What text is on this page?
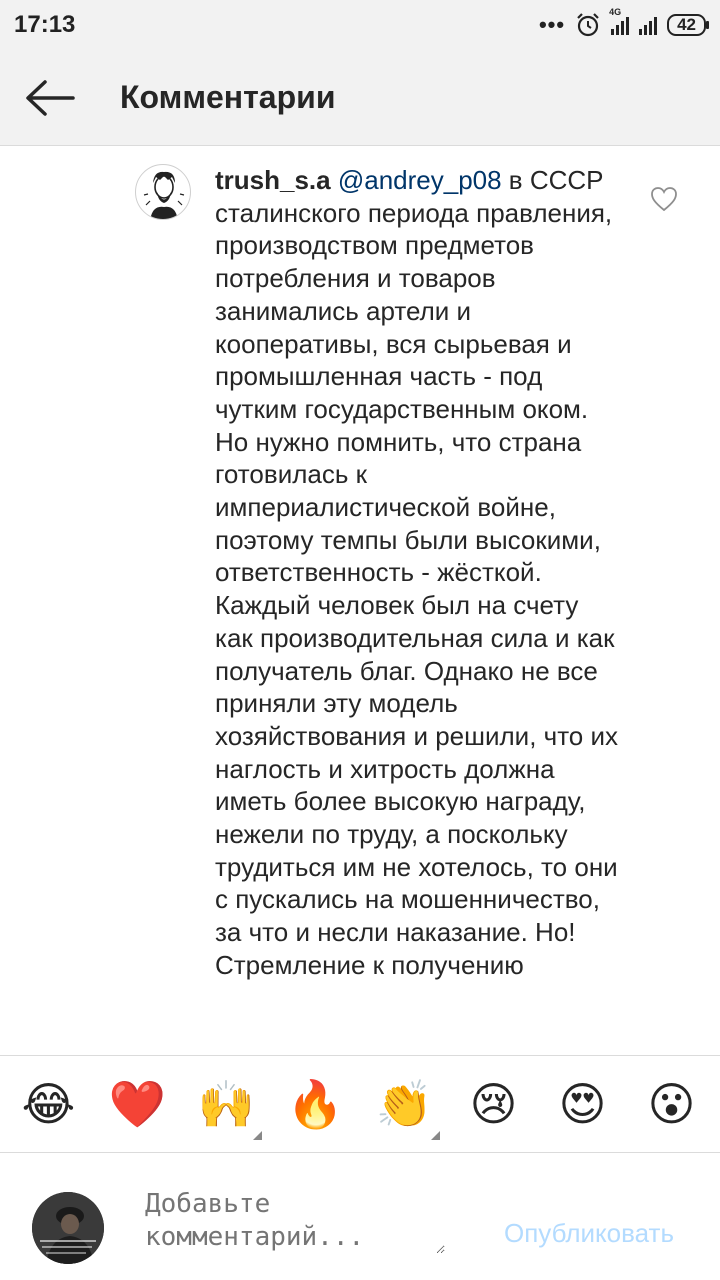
17:13	•••	4G
42
Комментарии

trush_s.a @andrey_p08 в СССР сталинского периода правления, производством предметов потребления и товаров занимались артели и кооперативы, вся сырьевая и промышленная часть - под чутким государственным оком. Но нужно помнить, что страна готовилась к империалистической войне, поэтому темпы были высокими, ответственность - жёсткой. Каждый человек был на счету как производительная сила и как получатель благ. Однако не все приняли эту модель хозяйствования и решили, что их наглость и хитрость должна иметь более высокую награду, нежели по труду, а поскольку трудиться им не хотелось, то они с пускались на мошенничество, за что и несли наказание. Но! Стремление к получению

😂 ❤️ 🙌 🔥 👏 😢 😍 😮
Добавьте комментарий...
Опубликовать
